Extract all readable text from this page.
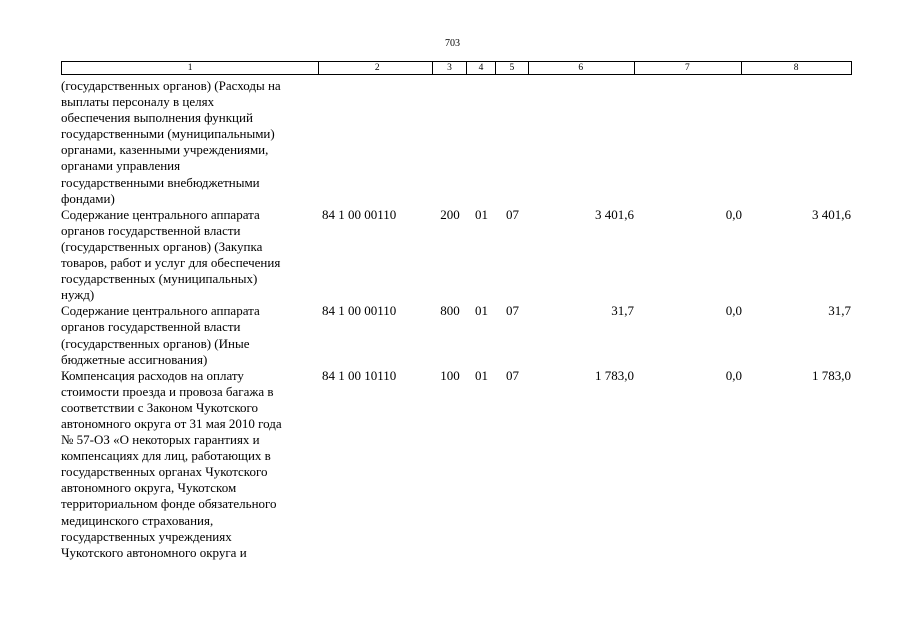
703
1	2	3	4	5	6	7	8
(государственных органов) (Расходы на
выплаты персоналу в целях
обеспечения выполнения функций
государственными (муниципальными)
органами, казенными учреждениями,
органами управления
государственными внебюджетными
фондами)
Содержание центрального аппарата
органов государственной власти
(государственных органов) (Закупка
товаров, работ и услуг для обеспечения
государственных (муниципальных)
нужд)
84 1 00 00110	200	01	07	3 401,6	0,0	3 401,6
Содержание центрального аппарата
органов государственной власти
(государственных органов) (Иные
бюджетные ассигнования)
84 1 00 00110	800	01	07	31,7	0,0	31,7
Компенсация расходов на оплату
стоимости проезда и провоза багажа в
соответствии с Законом Чукотского
автономного округа от 31 мая 2010 года
№ 57-ОЗ «О некоторых гарантиях и
компенсациях для лиц, работающих в
государственных органах Чукотского
автономного округа, Чукотском
территориальном фонде обязательного
медицинского страхования,
государственных учреждениях
Чукотского автономного округа и
84 1 00 10110	100	01	07	1 783,0	0,0	1 783,0
